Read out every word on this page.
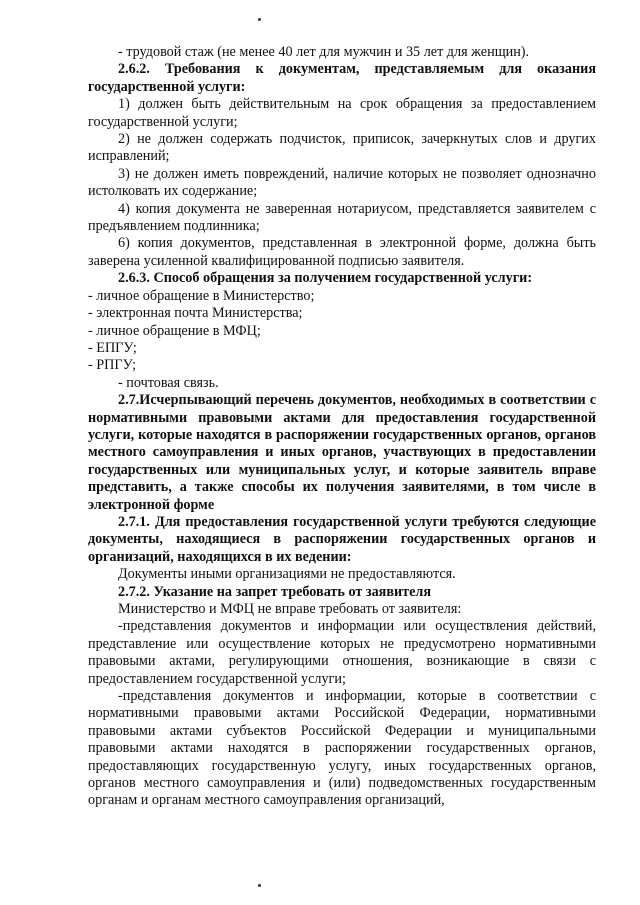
- трудовой стаж (не менее 40 лет для мужчин и 35 лет для женщин).

2.6.2. Требования к документам, представляемым для оказания государственной услуги:

1) должен быть действительным на срок обращения за предоставлением государственной услуги;

2) не должен содержать подчисток, приписок, зачеркнутых слов и других исправлений;

3) не должен иметь повреждений, наличие которых не позволяет однозначно истолковать их содержание;

4) копия документа не заверенная нотариусом, представляется заявителем с предъявлением подлинника;

6) копия документов, представленная в электронной форме, должна быть заверена усиленной квалифицированной подписью заявителя.

2.6.3. Способ обращения за получением государственной услуги:

- личное обращение в Министерство;

- электронная почта Министерства;

- личное обращение в МФЦ;

- ЕПГУ;

- РПГУ;

- почтовая связь.

2.7.Исчерпывающий перечень документов, необходимых в соответствии с нормативными правовыми актами для предоставления государственной услуги, которые находятся в распоряжении государственных органов, органов местного самоуправления и иных органов, участвующих в предоставлении государственных или муниципальных услуг, и которые заявитель вправе представить, а также способы их получения заявителями, в том числе в электронной форме

2.7.1. Для предоставления государственной услуги требуются следующие документы, находящиеся в распоряжении государственных органов и организаций, находящихся в их ведении:

Документы иными организациями не предоставляются.

2.7.2. Указание на запрет требовать от заявителя

Министерство и МФЦ не вправе требовать от заявителя:

-представления документов и информации или осуществления действий, представление или осуществление которых не предусмотрено нормативными правовыми актами, регулирующими отношения, возникающие в связи с предоставлением государственной услуги;

-представления документов и информации, которые в соответствии с нормативными правовыми актами Российской Федерации, нормативными правовыми актами субъектов Российской Федерации и муниципальными правовыми актами находятся в распоряжении государственных органов, предоставляющих государственную услугу, иных государственных органов, органов местного самоуправления и (или) подведомственных государственным органам и органам местного самоуправления организаций,
